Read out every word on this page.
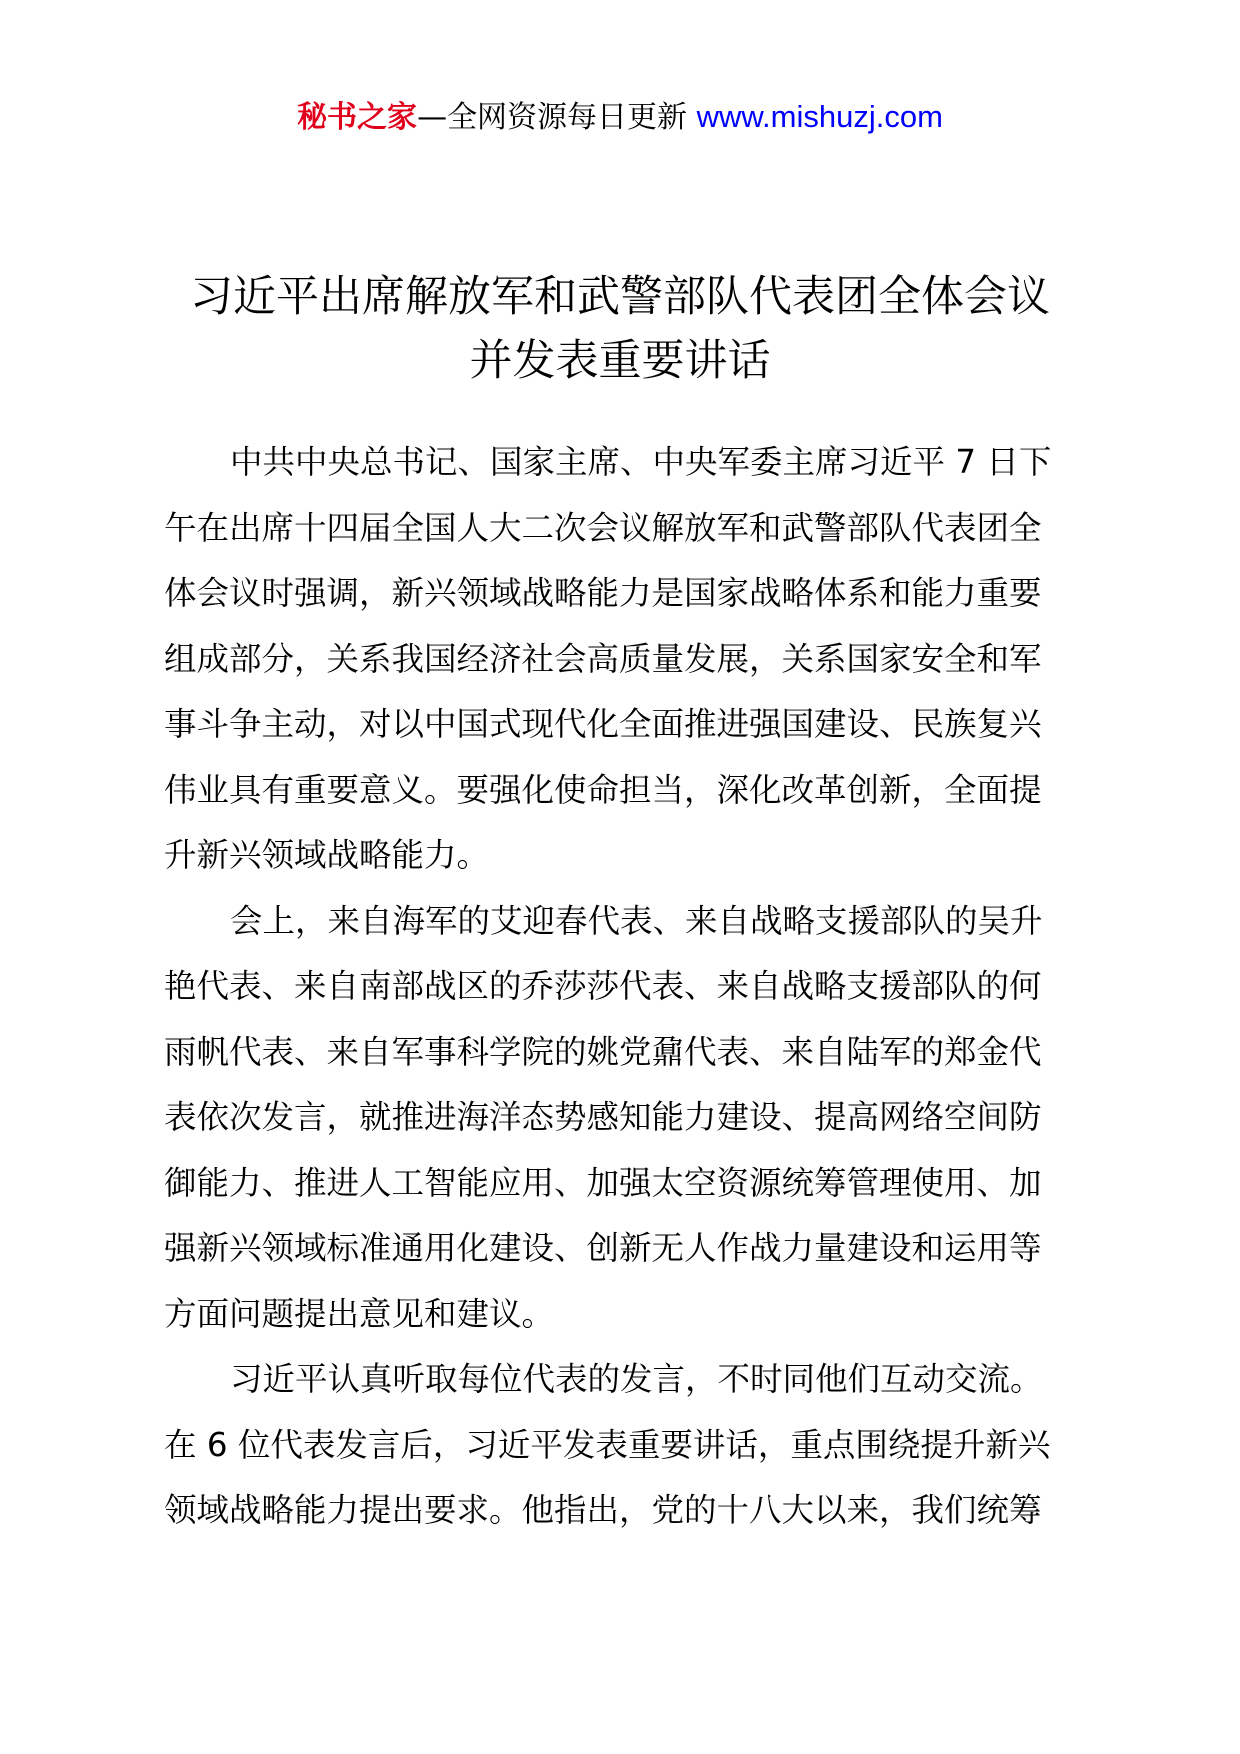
秘书之家—全网资源每日更新 www.mishuzj.com
习近平出席解放军和武警部队代表团全体会议
并发表重要讲话

中共中央总书记、国家主席、中央军委主席习近平 7 日下
午在出席十四届全国人大二次会议解放军和武警部队代表团全
体会议时强调，新兴领域战略能力是国家战略体系和能力重要
组成部分，关系我国经济社会高质量发展，关系国家安全和军
事斗争主动，对以中国式现代化全面推进强国建设、民族复兴
伟业具有重要意义。要强化使命担当，深化改革创新，全面提
升新兴领域战略能力。

会上，来自海军的艾迎春代表、来自战略支援部队的吴升
艳代表、来自南部战区的乔莎莎代表、来自战略支援部队的何
雨帆代表、来自军事科学院的姚党鼐代表、来自陆军的郑金代
表依次发言，就推进海洋态势感知能力建设、提高网络空间防
御能力、推进人工智能应用、加强太空资源统筹管理使用、加
强新兴领域标准通用化建设、创新无人作战力量建设和运用等
方面问题提出意见和建议。

习近平认真听取每位代表的发言，不时同他们互动交流。
在 6 位代表发言后，习近平发表重要讲话，重点围绕提升新兴
领域战略能力提出要求。他指出，党的十八大以来，我们统筹
